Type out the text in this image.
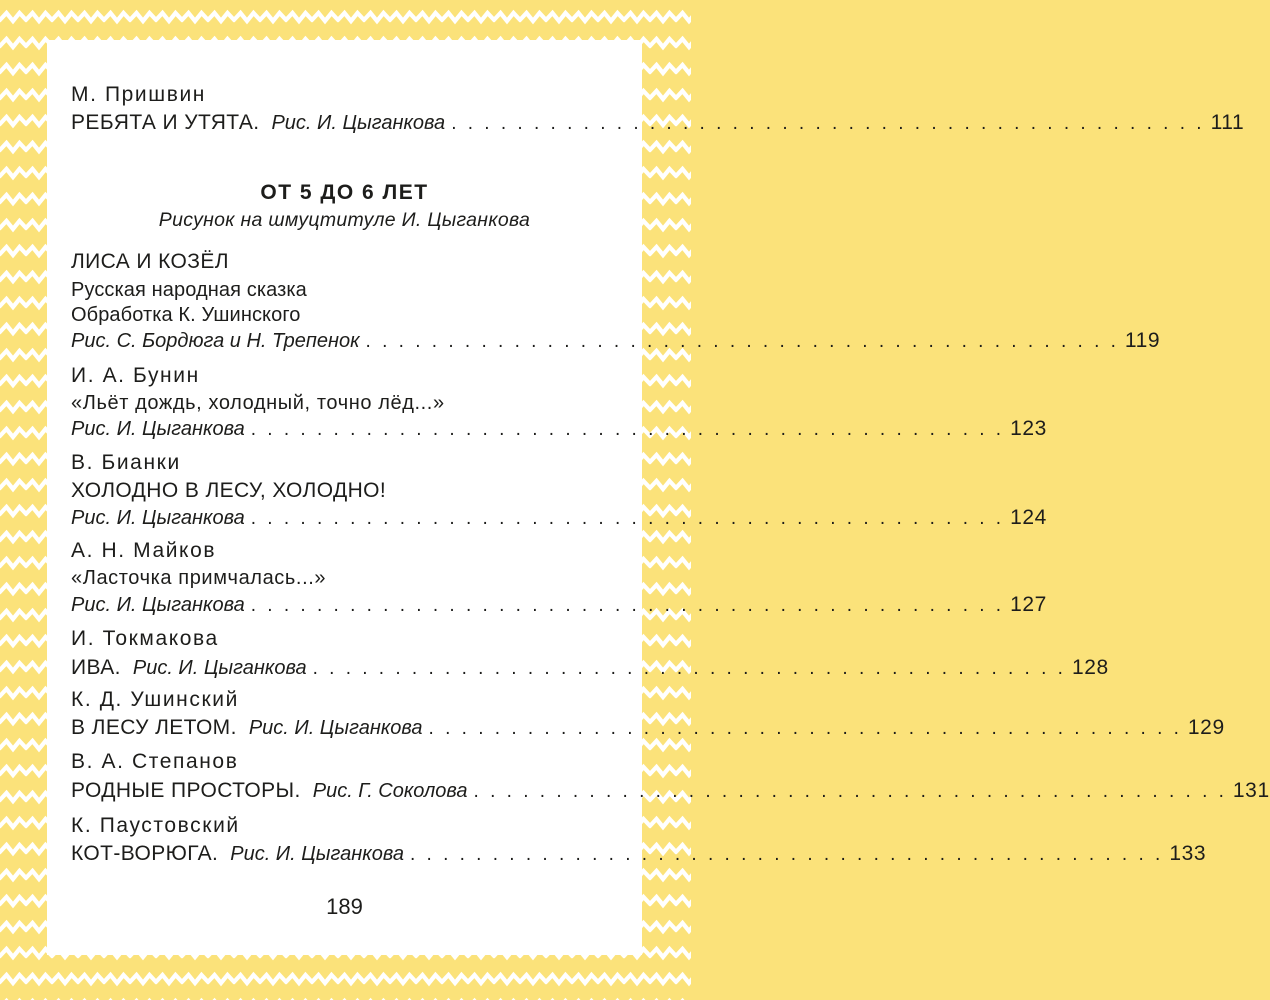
М. Пришвин
РЕБЯТА И УТЯТА. Рис. И. Цыганкова . . . . . . . . . . . . . . . . . . . . . . . . . . . . . . . . . . . . . . . . . . . . . . 111
ОТ 5 ДО 6 ЛЕТ
Рисунок на шмуцтитуле И. Цыганкова
ЛИСА И КОЗЁЛ
Русская народная сказка
Обработка К. Ушинского
Рис. С. Бордюга и Н. Трепенок . . . . . . . . . . . . . . . . . . . . . . . . . . . . . . . . . . . . . . . . . . . . . . 119
И. А. Бунин
«Льёт дождь, холодный, точно лёд...»
Рис. И. Цыганкова . . . . . . . . . . . . . . . . . . . . . . . . . . . . . . . . . . . . . . . . . . . . . . 123
В. Бианки
ХОЛОДНО В ЛЕСУ, ХОЛОДНО!
Рис. И. Цыганкова . . . . . . . . . . . . . . . . . . . . . . . . . . . . . . . . . . . . . . . . . . . . . . 124
А. Н. Майков
«Ласточка примчалась...»
Рис. И. Цыганкова . . . . . . . . . . . . . . . . . . . . . . . . . . . . . . . . . . . . . . . . . . . . . . 127
И. Токмакова
ИВА. Рис. И. Цыганкова . . . . . . . . . . . . . . . . . . . . . . . . . . . . . . . . . . . . . . . . . . . . . . 128
К. Д. Ушинский
В ЛЕСУ ЛЕТОМ. Рис. И. Цыганкова . . . . . . . . . . . . . . . . . . . . . . . . . . . . . . . . . . . . . . . . . . . . . . 129
В. А. Степанов
РОДНЫЕ ПРОСТОРЫ. Рис. Г. Соколова . . . . . . . . . . . . . . . . . . . . . . . . . . . . . . . . . . . . . . . . . . . . . . 131
К. Паустовский
КОТ-ВОРЮГА. Рис. И. Цыганкова . . . . . . . . . . . . . . . . . . . . . . . . . . . . . . . . . . . . . . . . . . . . . . 133
189
